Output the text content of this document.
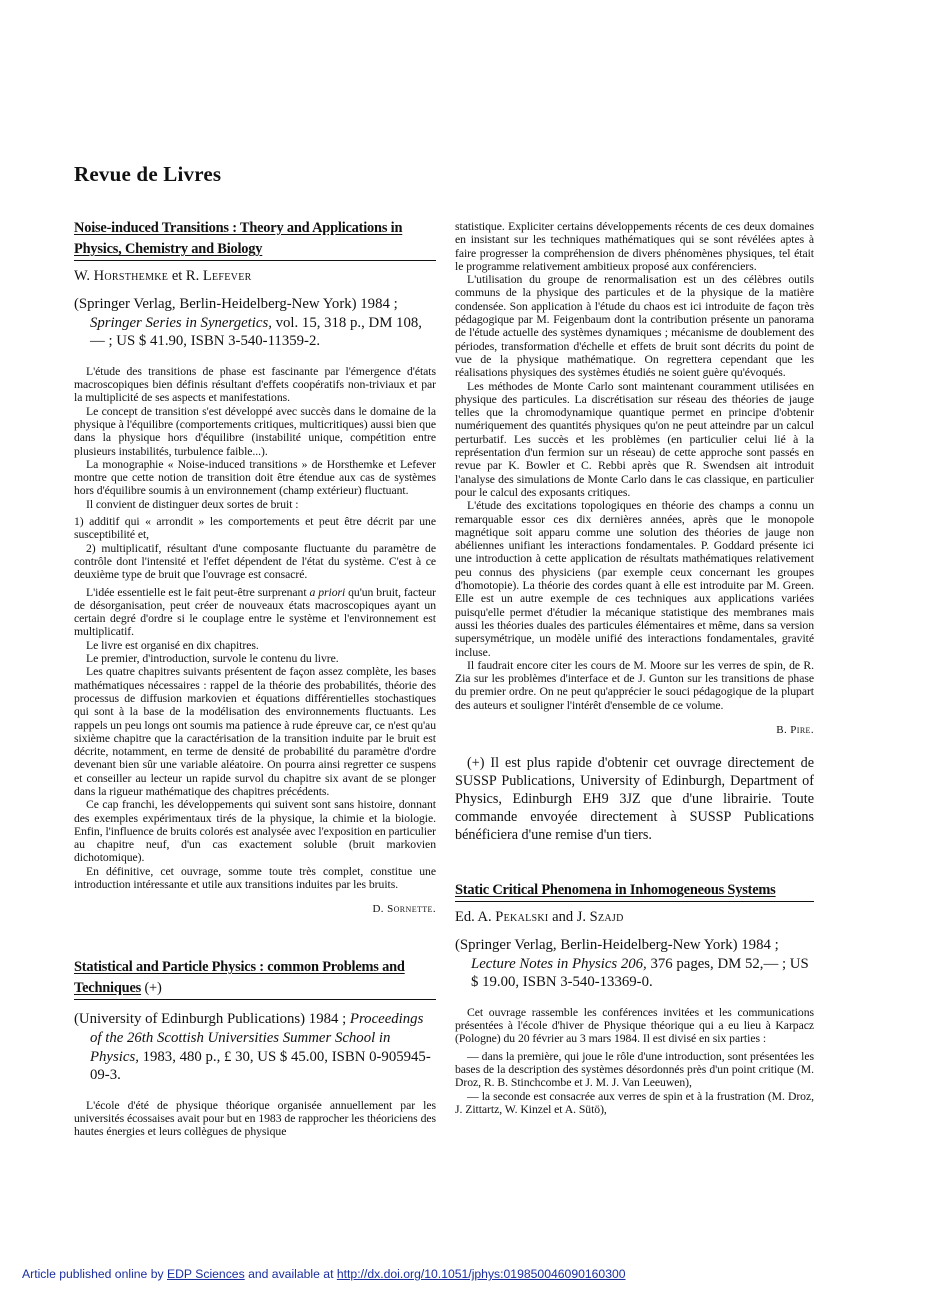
Revue de Livres
Noise-induced Transitions : Theory and Applications in Physics, Chemistry and Biology

W. Horsthemke et R. Lefever

(Springer Verlag, Berlin-Heidelberg-New York) 1984 ; Springer Series in Synergetics, vol. 15, 318 p., DM 108,— ; US $ 41.90, ISBN 3-540-11359-2.

L'étude des transitions de phase est fascinante par l'émergence d'états macroscopiques bien définis résultant d'effets coopératifs non-triviaux et par la multiplicité de ses aspects et manifestations.

Le concept de transition s'est développé avec succès dans le domaine de la physique à l'équilibre (comportements critiques, multicritiques) aussi bien que dans la physique hors d'équilibre (instabilité unique, compétition entre plusieurs instabilités, turbulence faible...).

La monographie « Noise-induced transitions » de Horsthemke et Lefever montre que cette notion de transition doit être étendue aux cas de systèmes hors d'équilibre soumis à un environnement (champ extérieur) fluctuant.

Il convient de distinguer deux sortes de bruit :

1) additif qui « arrondit » les comportements et peut être décrit par une susceptibilité et,

2) multiplicatif, résultant d'une composante fluctuante du paramètre de contrôle dont l'intensité et l'effet dépendent de l'état du système. C'est à ce deuxième type de bruit que l'ouvrage est consacré.

L'idée essentielle est le fait peut-être surprenant a priori qu'un bruit, facteur de désorganisation, peut créer de nouveaux états macroscopiques ayant un certain degré d'ordre si le couplage entre le système et l'environnement est multiplicatif.

Le livre est organisé en dix chapitres.

Le premier, d'introduction, survole le contenu du livre.

Les quatre chapitres suivants présentent de façon assez complète, les bases mathématiques nécessaires : rappel de la théorie des probabilités, théorie des processus de diffusion markovien et équations différentielles stochastiques qui sont à la base de la modélisation des environnements fluctuants. Les rappels un peu longs ont soumis ma patience à rude épreuve car, ce n'est qu'au sixième chapitre que la caractérisation de la transition induite par le bruit est décrite, notamment, en terme de densité de probabilité du paramètre d'ordre devenant bien sûr une variable aléatoire. On pourra ainsi regretter ce suspens et conseiller au lecteur un rapide survol du chapitre six avant de se plonger dans la rigueur mathématique des chapitres précédents.

Ce cap franchi, les développements qui suivent sont sans histoire, donnant des exemples expérimentaux tirés de la physique, la chimie et la biologie. Enfin, l'influence de bruits colorés est analysée avec l'exposition en particulier au chapitre neuf, d'un cas exactement soluble (bruit markovien dichotomique).

En définitive, cet ouvrage, somme toute très complet, constitue une introduction intéressante et utile aux transitions induites par les bruits.

D. Sornette.

Statistical and Particle Physics : common Problems and Techniques (+)

(University of Edinburgh Publications) 1984 ; Proceedings of the 26th Scottish Universities Summer School in Physics, 1983, 480 p., £ 30, US $ 45.00, ISBN 0-905945-09-3.

L'école d'été de physique théorique organisée annuellement par les universités écossaises avait pour but en 1983 de rapprocher les théoriciens des hautes énergies et leurs collègues de physique

statistique. Expliciter certains développements récents de ces deux domaines en insistant sur les techniques mathématiques qui se sont révélées aptes à faire progresser la compréhension de divers phénomènes physiques, tel était le programme relativement ambitieux proposé aux conférenciers.

L'utilisation du groupe de renormalisation est un des célèbres outils communs de la physique des particules et de la physique de la matière condensée. Son application à l'étude du chaos est ici introduite de façon très pédagogique par M. Feigenbaum dont la contribution présente un panorama de l'étude actuelle des systèmes dynamiques ; mécanisme de doublement des périodes, transformation d'échelle et effets de bruit sont décrits du point de vue de la physique mathématique. On regrettera cependant que les réalisations physiques des systèmes étudiés ne soient guère qu'évoqués.

Les méthodes de Monte Carlo sont maintenant couramment utilisées en physique des particules. La discrétisation sur réseau des théories de jauge telles que la chromodynamique quantique permet en principe d'obtenir numériquement des quantités physiques qu'on ne peut atteindre par un calcul perturbatif. Les succès et les problèmes (en particulier celui lié à la représentation d'un fermion sur un réseau) de cette approche sont passés en revue par K. Bowler et C. Rebbi après que R. Swendsen ait introduit l'analyse des simulations de Monte Carlo dans le cas classique, en particulier pour le calcul des exposants critiques.

L'étude des excitations topologiques en théorie des champs a connu un remarquable essor ces dix dernières années, après que le monopole magnétique soit apparu comme une solution des théories de jauge non abéliennes unifiant les interactions fondamentales. P. Goddard présente ici une introduction à cette application de résultats mathématiques relativement peu connus des physiciens (par exemple ceux concernant les groupes d'homotopie). La théorie des cordes quant à elle est introduite par M. Green. Elle est un autre exemple de ces techniques aux applications variées puisqu'elle permet d'étudier la mécanique statistique des membranes mais aussi les théories duales des particules élémentaires et même, dans sa version supersymétrique, un modèle unifié des interactions fondamentales, gravité incluse.

Il faudrait encore citer les cours de M. Moore sur les verres de spin, de R. Zia sur les problèmes d'interface et de J. Gunton sur les transitions de phase du premier ordre. On ne peut qu'apprécier le souci pédagogique de la plupart des auteurs et souligner l'intérêt d'ensemble de ce volume.

B. Pire.

(+) Il est plus rapide d'obtenir cet ouvrage directement de SUSSP Publications, University of Edinburgh, Department of Physics, Edinburgh EH9 3JZ que d'une librairie. Toute commande envoyée directement à SUSSP Publications bénéficiera d'une remise d'un tiers.

Static Critical Phenomena in Inhomogeneous Systems

Ed. A. Pekalski and J. Szajd

(Springer Verlag, Berlin-Heidelberg-New York) 1984 ; Lecture Notes in Physics 206, 376 pages, DM 52,— ; US $ 19.00, ISBN 3-540-13369-0.

Cet ouvrage rassemble les conférences invitées et les communications présentées à l'école d'hiver de Physique théorique qui a eu lieu à Karpacz (Pologne) du 20 février au 3 mars 1984. Il est divisé en six parties :

— dans la première, qui joue le rôle d'une introduction, sont présentées les bases de la description des systèmes désordonnés près d'un point critique (M. Droz, R. B. Stinchcombe et J. M. J. Van Leeuwen),

— la seconde est consacrée aux verres de spin et à la frustration (M. Droz, J. Zittartz, W. Kinzel et A. Sütö),

Article published online by EDP Sciences and available at http://dx.doi.org/10.1051/jphys:019850046090160300
